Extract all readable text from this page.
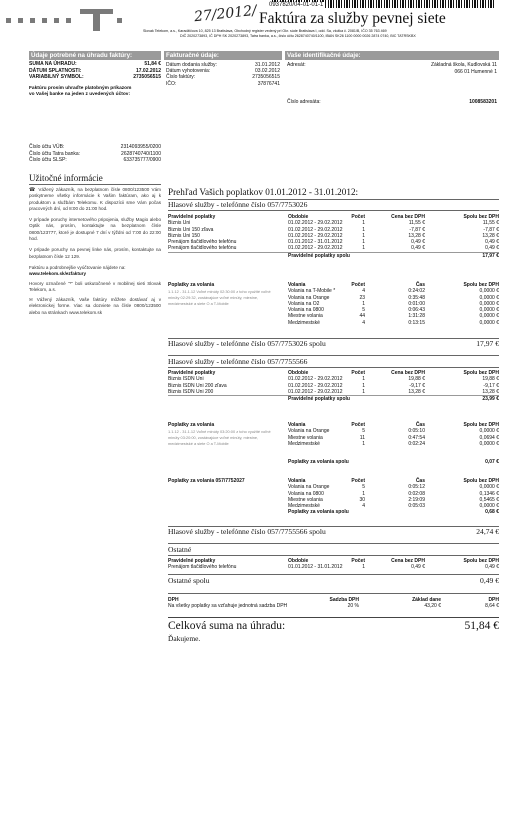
0937820/04-01-01-1
27/2012/ Faktúra za služby pevnej siete
Slovak Telekom, a.s., Karadžičova 10, 825 13 Bratislava, Obchodný register vedený pri Okr. súde Bratislava I, odd. Sa, vložka č. 2081/B, IČO 35 763 469
DIČ 2020273893, IČ DPH SK 2020273893, Tatra banka, a.s., číslo účtu 2628740740/1100, IBAN SK26 1100 0000 0026 2874 0740, BIC TATRSKBX
Údaje potrebné na úhradu faktúry:	Fakturačné údaje:	Vaše identifikačné údaje:
SUMA NA ÚHRADU:	51,84 €
DÁTUM SPLATNOSTI:	17.02.2012
VARIABILNÝ SYMBOL:	2735056515
Faktúru prosím uhraďte platobným príkazom
vo Vašej banke na jeden z uvedených účtov:
Dátum dodania služby:	31.01.2012
Dátum vyhotovenia:	03.02.2012
Číslo faktúry:	2735056515
IČO:	37876741
Adresát:	Základná škola, Kudlovská 11
066 01 Humenné 1
Číslo adresáta:	1008583201
Číslo účtu VÚB:	2314093955/0200
Číslo účtu Tatra banka:	2628740740/1100
Číslo účtu SLSP:	633735777/0900
Užitočné informácie
☎ Vážený zákazník, na bezplatnom čísle 0800/123500 Vám poskytneme všetky informácie k Vašim faktúram, ako aj k produktom a službám Telekomu. K dispozícii sme Vám počas pracovných dní, od 8:00 do 21:00 hod.
V prípade poruchy internetového pripojenia, služby Magio alebo Optik nás, prosím, kontaktujte na bezplatnom čísle 0800/123777, ktoré je dostupné 7 dní v týždni od 7:00 do 22:00 hod.
V prípade poruchy na pevnej linke nás, prosím, kontaktujte na bezplatnom čísle 12 129.
Faktúru a podrobnejšie vyúčtovanie nájdete na:
www.telekom.sk/ezfaktury
Hovory označené "*" boli uskutočnené v mobilnej sieti Slovak Telekom, a.s.
✉ Vážený zákazník, Vaše faktúry môžete dostávať aj v elektronickej forme. Viac sa dozviete na čísle 0800/123500 alebo na stránkach www.telekom.sk
Prehľad Vašich poplatkov 01.01.2012 - 31.01.2012:
Hlasové služby - telefónne číslo 057/7753026
Pravidelné poplatky	Obdobie	Počet	Cena bez DPH	Spolu bez DPH
Biznis Uni	01.02.2012 - 29.02.2012	1	11,55 €	11,55 €
Biznis Uni 150 zľava	01.02.2012 - 29.02.2012	1	-7,87 €	-7,87 €
Biznis Uni 150	01.02.2012 - 29.02.2012	1	13,28 €	13,28 €
Prenájom tlačidlového telefónu	01.01.2012 - 31.01.2012	1	0,49 €	0,49 €
Prenájom tlačidlového telefónu	01.02.2012 - 29.02.2012	1	0,49 €	0,49 €
Pravidelné poplatky spolu	17,97 €
Poplatky za volania	Volania	Počet	Čas	Spolu bez DPH
1.1.12 - 31.1.12 Voľné minúty 02:30:00 z toho využité voľné minúty 02:29:32, zostávajúce voľné minúty, miestne, medzimestské a siete O a T-Mobile
Volania na T-Mobile *	4	0:24:02	0,0000 €
Volania na Orange	23	0:35:48	0,0000 €
Volania na O2	1	0:01:00	0,0000 €
Volania na 0800	5	0:06:43	0,0000 €
Miestne volania	44	1:31:28	0,0000 €
Medzimestské	4	0:13:15	0,0000 €
Hlasové služby - telefónne číslo 057/7753026 spolu	17,97 €
Hlasové služby - telefónne číslo 057/7755566
Pravidelné poplatky	Obdobie	Počet	Cena bez DPH	Spolu bez DPH
Biznis ISDN Uni	01.02.2012 - 29.02.2012	1	19,88 €	19,88 €
Biznis ISDN Uni 200 zľava	01.02.2012 - 29.02.2012	1	-9,17 €	-9,17 €
Biznis ISDN Uni 200	01.02.2012 - 29.02.2012	1	13,28 €	13,28 €
Pravidelné poplatky spolu	23,99 €
Poplatky za volania	Volania	Počet	Čas	Spolu bez DPH
1.1.12 - 31.1.12 Voľné minúty 03:20:00 z toho využité voľné minúty 03:20:00, zostávajúce voľné minúty, miestne, medzimestské a siete O a T-Mobile
Volania na Orange	5	0:05:10	0,0000 €
Miestne volania	11	0:47:54	0,0694 €
Medzimestské	1	0:02:24	0,0000 €
Poplatky za volania spolu	0,07 €
Poplatky za volania 057/7752027	Volania	Počet	Čas	Spolu bez DPH
Volania na Orange	5	0:05:12	0,0000 €
Volania na 0800	1	0:02:08	0,1346 €
Miestne volania	30	2:19:09	0,5465 €
Medzimestské	4	0:05:03	0,0000 €
Poplatky za volania spolu	0,68 €
Hlasové služby - telefónne číslo 057/7755566 spolu	24,74 €
Ostatné
Pravidelné poplatky	Obdobie	Počet	Cena bez DPH	Spolu bez DPH
Prenájom tlačidlového telefónu	01.01.2012 - 31.01.2012	1	0,49 €	0,49 €
Ostatné spolu	0,49 €
DPH	Sadzba DPH	Základ dane	DPH
Na všetky poplatky sa vzťahuje jednotná sadzba DPH	20 %	43,20 €	8,64 €
Celková suma na úhradu:	51,84 €
Ďakujeme.
